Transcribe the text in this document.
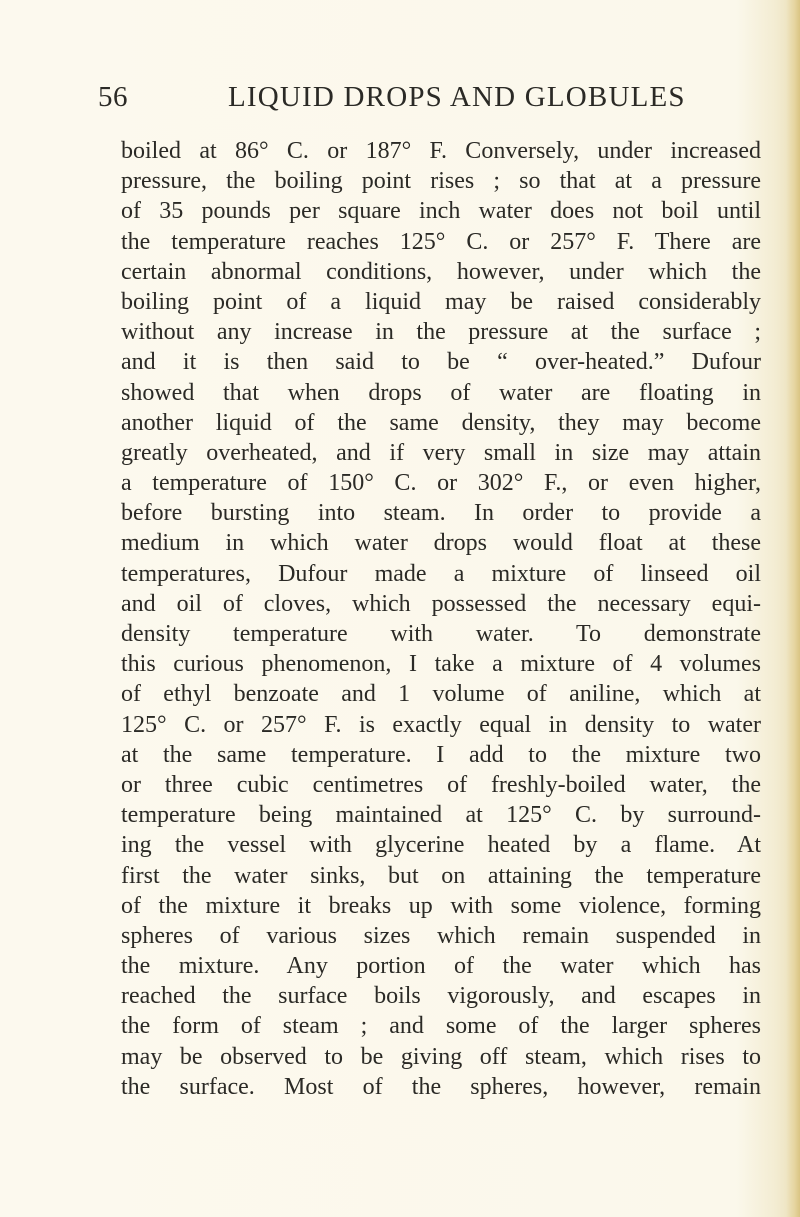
56	LIQUID DROPS AND GLOBULES
boiled at 86° C. or 187° F. Conversely, under increased
pressure, the boiling point rises ; so that at a pressure
of 35 pounds per square inch water does not boil until
the temperature reaches 125° C. or 257° F. There are
certain abnormal conditions, however, under which the
boiling point of a liquid may be raised considerably
without any increase in the pressure at the surface ;
and it is then said to be “ over-heated.” Dufour
showed that when drops of water are floating in
another liquid of the same density, they may become
greatly overheated, and if very small in size may attain
a temperature of 150° C. or 302° F., or even higher,
before bursting into steam. In order to provide a
medium in which water drops would float at these
temperatures, Dufour made a mixture of linseed oil
and oil of cloves, which possessed the necessary equi-
density temperature with water. To demonstrate
this curious phenomenon, I take a mixture of 4 volumes
of ethyl benzoate and 1 volume of aniline, which at
125° C. or 257° F. is exactly equal in density to water
at the same temperature. I add to the mixture two
or three cubic centimetres of freshly-boiled water, the
temperature being maintained at 125° C. by surround-
ing the vessel with glycerine heated by a flame. At
first the water sinks, but on attaining the temperature
of the mixture it breaks up with some violence, forming
spheres of various sizes which remain suspended in
the mixture. Any portion of the water which has
reached the surface boils vigorously, and escapes in
the form of steam ; and some of the larger spheres
may be observed to be giving off steam, which rises to
the surface. Most of the spheres, however, remain
